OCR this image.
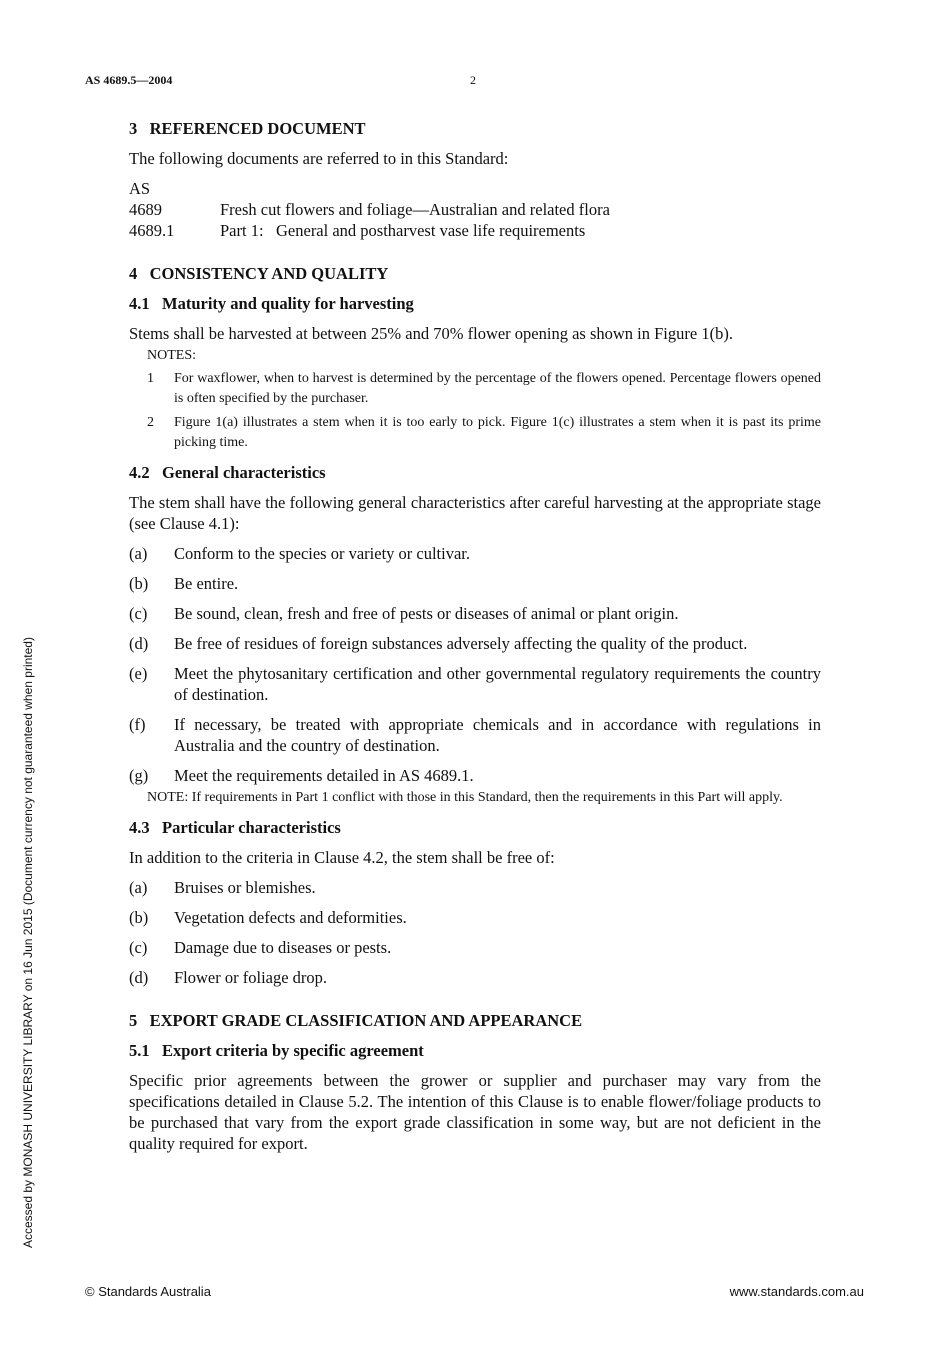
AS 4689.5—2004	2
Accessed by MONASH UNIVERSITY LIBRARY on 16 Jun 2015 (Document currency not guaranteed when printed)
3   REFERENCED DOCUMENT

The following documents are referred to in this Standard:

AS
4689	Fresh cut flowers and foliage—Australian and related flora
4689.1	Part 1: General and postharvest vase life requirements
4   CONSISTENCY AND QUALITY
4.1   Maturity and quality for harvesting

Stems shall be harvested at between 25% and 70% flower opening as shown in Figure 1(b).

NOTES:

1	For waxflower, when to harvest is determined by the percentage of the flowers opened. Percentage flowers opened is often specified by the purchaser.
2	Figure 1(a) illustrates a stem when it is too early to pick. Figure 1(c) illustrates a stem when it is past its prime picking time.
4.2   General characteristics

The stem shall have the following general characteristics after careful harvesting at the appropriate stage (see Clause 4.1):

(a)	Conform to the species or variety or cultivar.
(b)	Be entire.
(c)	Be sound, clean, fresh and free of pests or diseases of animal or plant origin.
(d)	Be free of residues of foreign substances adversely affecting the quality of the product.
(e)	Meet the phytosanitary certification and other governmental regulatory requirements the country of destination.
(f)	If necessary, be treated with appropriate chemicals and in accordance with regulations in Australia and the country of destination.
(g)	Meet the requirements detailed in AS 4689.1.

NOTE: If requirements in Part 1 conflict with those in this Standard, then the requirements in this Part will apply.

4.3   Particular characteristics

In addition to the criteria in Clause 4.2, the stem shall be free of:

(a)	Bruises or blemishes.
(b)	Vegetation defects and deformities.
(c)	Damage due to diseases or pests.
(d)	Flower or foliage drop.
5   EXPORT GRADE CLASSIFICATION AND APPEARANCE
5.1   Export criteria by specific agreement

Specific prior agreements between the grower or supplier and purchaser may vary from the specifications detailed in Clause 5.2. The intention of this Clause is to enable flower/foliage products to be purchased that vary from the export grade classification in some way, but are not deficient in the quality required for export.

© Standards Australia	www.standards.com.au
